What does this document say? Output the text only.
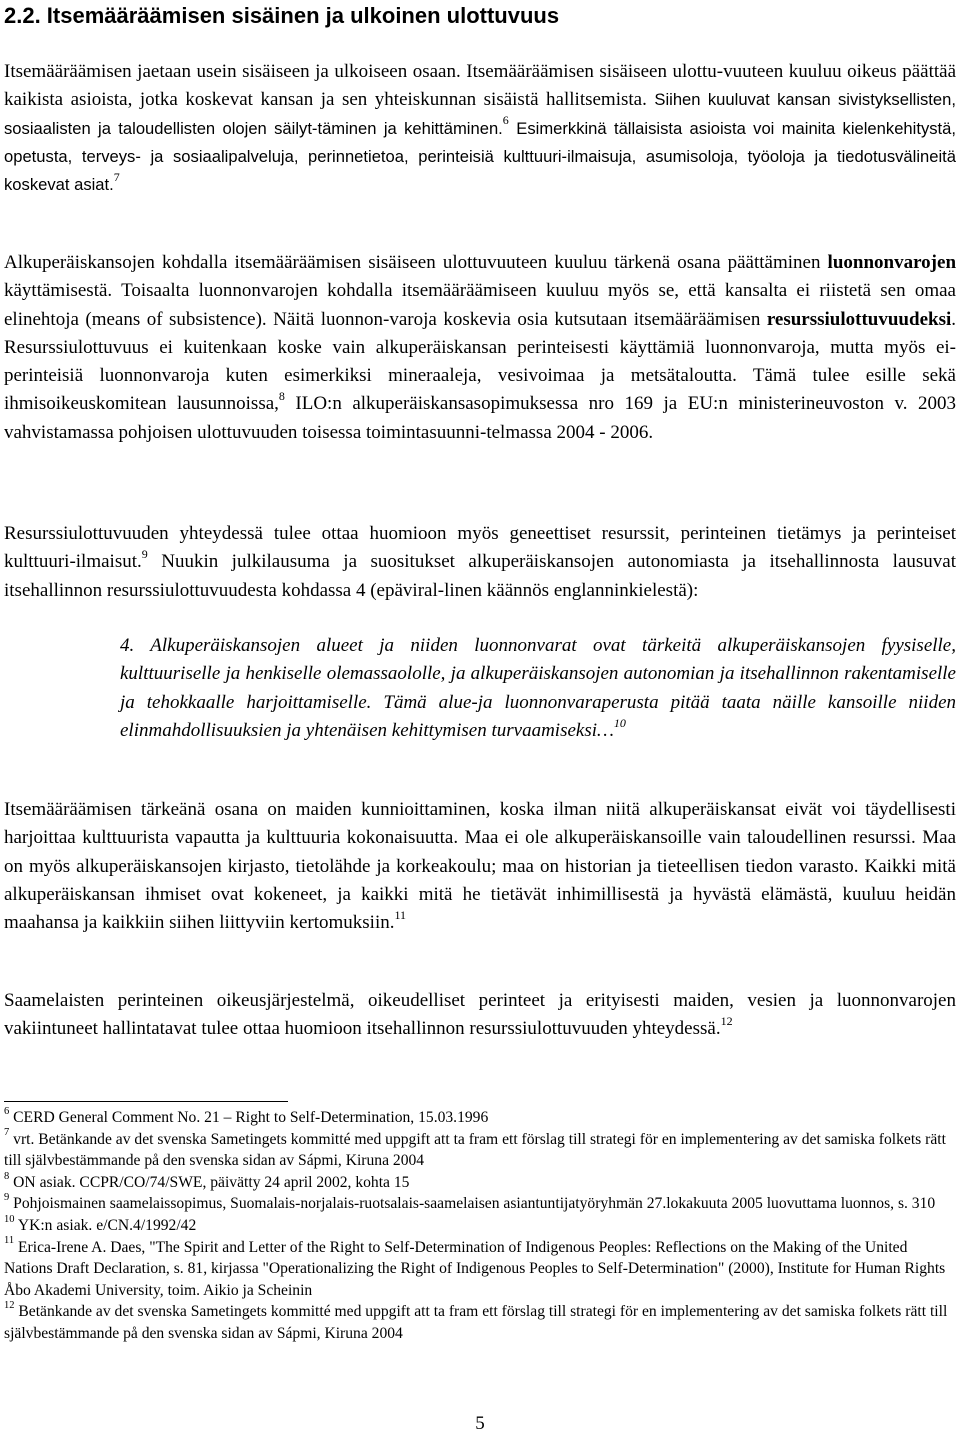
2.2. Itsemääräämisen sisäinen ja ulkoinen ulottuvuus

Itsemääräämisen jaetaan usein sisäiseen ja ulkoiseen osaan. Itsemääräämisen sisäiseen ulottu-vuuteen kuuluu oikeus päättää kaikista asioista, jotka koskevat kansan ja sen yhteiskunnan sisäistä hallitsemista. Siihen kuuluvat kansan sivistyksellisten, sosiaalisten ja taloudellisten olojen säilyt-täminen ja kehittäminen.$^6$ Esimerkkinä tällaisista asioista voi mainita kielenkehitystä, opetusta, terveys- ja sosiaalipalveluja, perinnetietoa, perinteisiä kulttuuri-ilmaisuja, asumisoloja, työoloja ja tiedotusvälineitä koskevat asiat.$^7$

Alkuperäiskansojen kohdalla itsemääräämisen sisäiseen ulottuvuuteen kuuluu tärkenä osana päättäminen luonnonvarojen käyttämisestä. Toisaalta luonnonvarojen kohdalla itsemääräämiseen kuuluu myös se, että kansalta ei riistetä sen omaa elinehtoja (means of subsistence). Näitä luonnon-varoja koskevia osia kutsutaan itsemääräämisen resurssiulottuvuudeksi. Resurssiulottuvuus ei kuitenkaan koske vain alkuperäiskansan perinteisesti käyttämiä luonnonvaroja, mutta myös ei-perinteisiä luonnonvaroja kuten esimerkiksi mineraaleja, vesivoimaa ja metsätaloutta. Tämä tulee esille sekä ihmisoikeuskomitean lausunnoissa,$^8$ ILO:n alkuperäiskansasopimuksessa nro 169 ja EU:n ministerineuvoston v. 2003 vahvistamassa pohjoisen ulottuvuuden toisessa toimintasuunni-telmassa 2004 - 2006.

Resurssiulottuvuuden yhteydessä tulee ottaa huomioon myös geneettiset resurssit, perinteinen tietämys ja perinteiset kulttuuri-ilmaisut.$^9$ Nuukin julkilausuma ja suositukset alkuperäiskansojen autonomiasta ja itsehallinnosta lausuvat itsehallinnon resurssiulottuvuudesta kohdassa 4 (epäviral-linen käännös englanninkielestä):

4. Alkuperäiskansojen alueet ja niiden luonnonvarat ovat tärkeitä alkuperäiskansojen fyysiselle, kulttuuriselle ja henkiselle olemassaololle, ja alkuperäiskansojen autonomian ja itsehallinnon rakentamiselle ja tehokkaalle harjoittamiselle. Tämä alue-ja luonnonvaraperusta pitää taata näille kansoille niiden elinmahdollisuuksien ja yhtenäisen kehittymisen turvaamiseksi…$^{10}$

Itsemääräämisen tärkeänä osana on maiden kunnioittaminen, koska ilman niitä alkuperäiskansat eivät voi täydellisesti harjoittaa kulttuurista vapautta ja kulttuuria kokonaisuutta. Maa ei ole alkuperäiskansoille vain taloudellinen resurssi. Maa on myös alkuperäiskansojen kirjasto, tietolähde ja korkeakoulu; maa on historian ja tieteellisen tiedon varasto. Kaikki mitä alkuperäiskansan ihmiset ovat kokeneet, ja kaikki mitä he tietävät inhimillisestä ja hyvästä elämästä, kuuluu heidän maahansa ja kaikkiin siihen liittyviin kertomuksiin.$^{11}$

Saamelaisten perinteinen oikeusjärjestelmä, oikeudelliset perinteet ja erityisesti maiden, vesien ja luonnonvarojen vakiintuneet hallintatavat tulee ottaa huomioon itsehallinnon resurssiulottuvuuden yhteydessä.$^{12}$

$^6$ CERD General Comment No. 21 – Right to Self-Determination, 15.03.1996

$^7$ vrt. Betänkande av det svenska Sametingets kommitté med uppgift att ta fram ett förslag till strategi för en implementering av det samiska folkets rätt till självbestämmande på den svenska sidan av Sápmi, Kiruna 2004

$^8$ ON asiak. CCPR/CO/74/SWE, päivätty 24 april 2002, kohta 15

$^9$ Pohjoismainen saamelaissopimus, Suomalais-norjalais-ruotsalais-saamelaisen asiantuntijatyöryhmän 27.lokakuuta 2005 luovuttama luonnos, s. 310

$^{10}$ YK:n asiak. e/CN.4/1992/42

$^{11}$ Erica-Irene A. Daes, "The Spirit and Letter of the Right to Self-Determination of Indigenous Peoples: Reflections on the Making of the United Nations Draft Declaration, s. 81, kirjassa "Operationalizing the Right of Indigenous Peoples to Self-Determination" (2000), Institute for Human Rights Åbo Akademi University, toim. Aikio ja Scheinin

$^{12}$ Betänkande av det svenska Sametingets kommitté med uppgift att ta fram ett förslag till strategi för en implementering av det samiska folkets rätt till självbestämmande på den svenska sidan av Sápmi, Kiruna 2004

5
